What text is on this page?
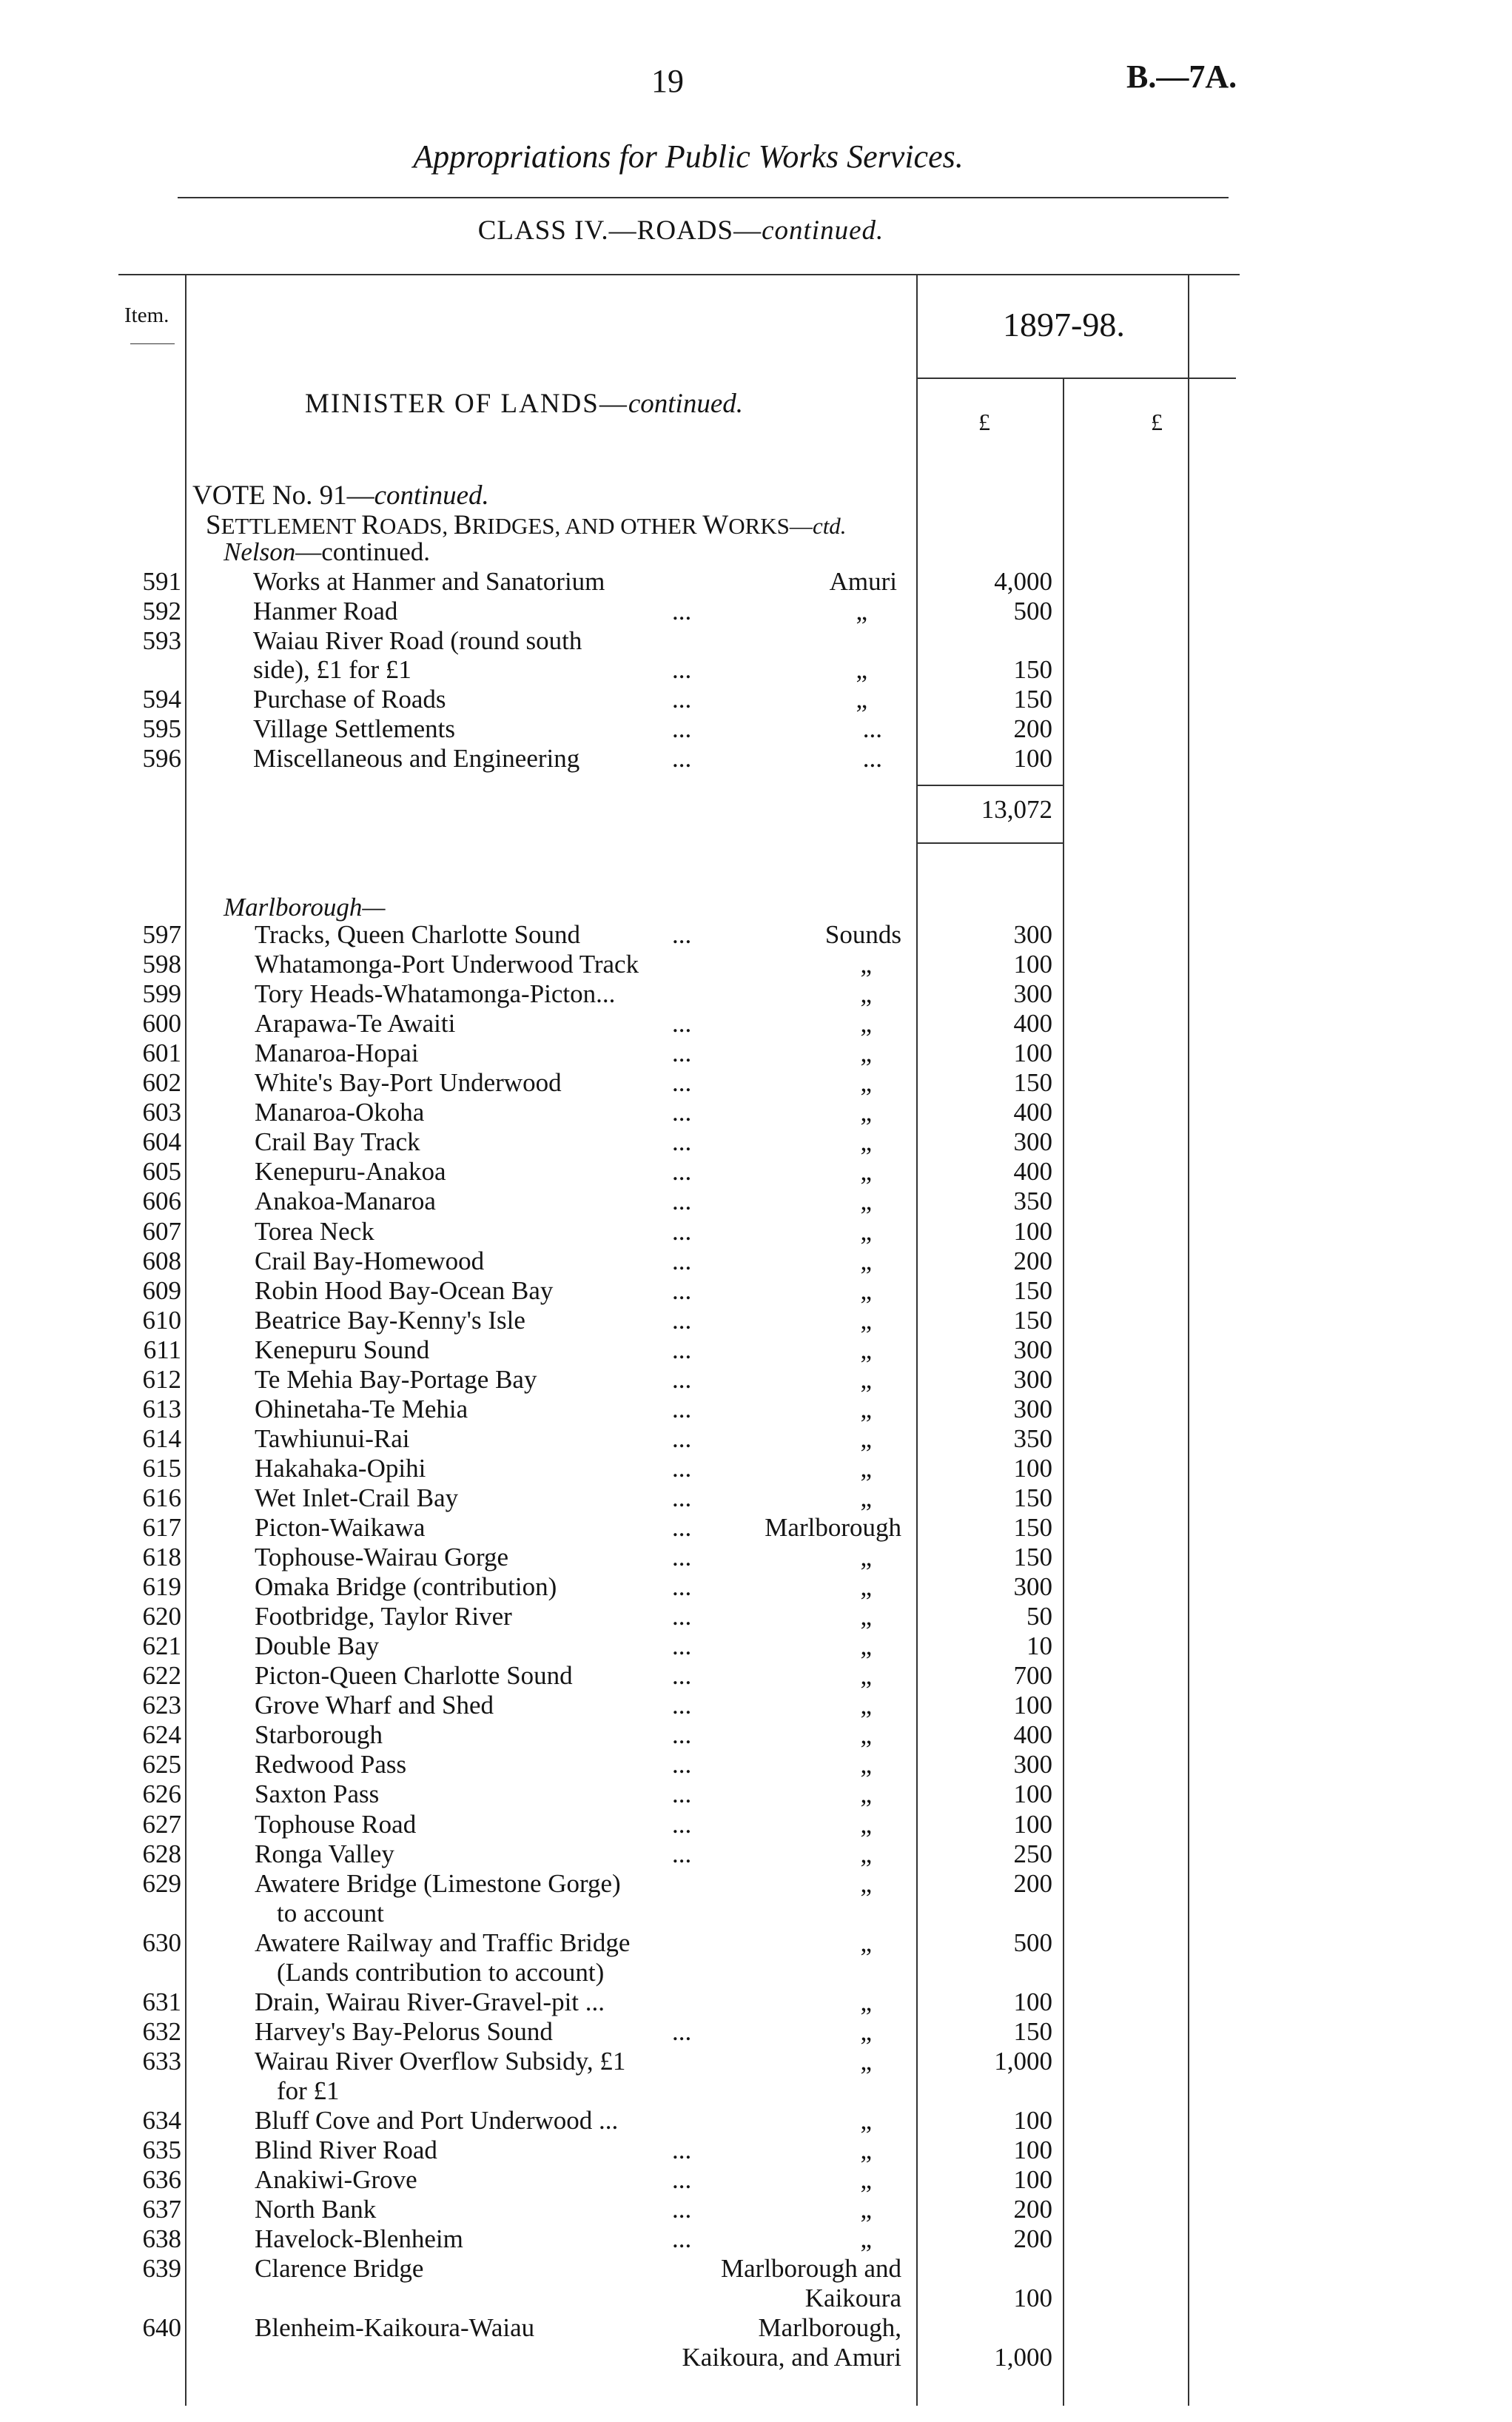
19	B.—7A.
Appropriations for Public Works Services.
CLASS IV.—ROADS—continued.
Item.	1897-98.
£	£
MINISTER OF LANDS—continued.
VOTE No. 91—continued.
SETTLEMENT ROADS, BRIDGES, AND OTHER WORKS—ctd.
Nelson—continued.
591	Works at Hanmer and Sanatorium	Amuri	4,000
592	Hanmer Road	...	„	500
593	Waiau River Road (round south
side), £1 for £1	...	„	150
594	Purchase of Roads	...	„	150
595	Village Settlements	...	...	200
596	Miscellaneous and Engineering	...	...	100
13,072
Marlborough—
597	Tracks, Queen Charlotte Sound	...	Sounds	300
598	Whatamonga-Port Underwood Track	„	100
599	Tory Heads-Whatamonga-Picton...	„	300
600	Arapawa-Te Awaiti	...	„	400
601	Manaroa-Hopai	...	„	100
602	White's Bay-Port Underwood	...	„	150
603	Manaroa-Okoha	...	„	400
604	Crail Bay Track	...	„	300
605	Kenepuru-Anakoa	...	„	400
606	Anakoa-Manaroa	...	„	350
607	Torea Neck	...	„	100
608	Crail Bay-Homewood	...	„	200
609	Robin Hood Bay-Ocean Bay	...	„	150
610	Beatrice Bay-Kenny's Isle	...	„	150
611	Kenepuru Sound	...	„	300
612	Te Mehia Bay-Portage Bay	...	„	300
613	Ohinetaha-Te Mehia	...	„	300
614	Tawhiunui-Rai	...	„	350
615	Hakahaka-Opihi	...	„	100
616	Wet Inlet-Crail Bay	...	„	150
617	Picton-Waikawa	...	Marlborough	150
618	Tophouse-Wairau Gorge	...	„	150
619	Omaka Bridge (contribution)	...	„	300
620	Footbridge, Taylor River	...	„	50
621	Double Bay	...	„	10
622	Picton-Queen Charlotte Sound	...	„	700
623	Grove Wharf and Shed	...	„	100
624	Starborough	...	„	400
625	Redwood Pass	...	„	300
626	Saxton Pass	...	„	100
627	Tophouse Road	...	„	100
628	Ronga Valley	...	„	250
629	Awatere Bridge (Limestone Gorge)	„	200
to account
630	Awatere Railway and Traffic Bridge	„	500
(Lands contribution to account)
631	Drain, Wairau River-Gravel-pit ...	„	100
632	Harvey's Bay-Pelorus Sound	...	„	150
633	Wairau River Overflow Subsidy, £1	„	1,000
for £1
634	Bluff Cove and Port Underwood ...	„	100
635	Blind River Road	...	„	100
636	Anakiwi-Grove	...	„	100
637	North Bank	...	„	200
638	Havelock-Blenheim	...	„	200
639	Clarence Bridge	Marlborough and
Kaikoura	100
640	Blenheim-Kaikoura-Waiau	Marlborough,
Kaikoura, and Amuri	1,000
